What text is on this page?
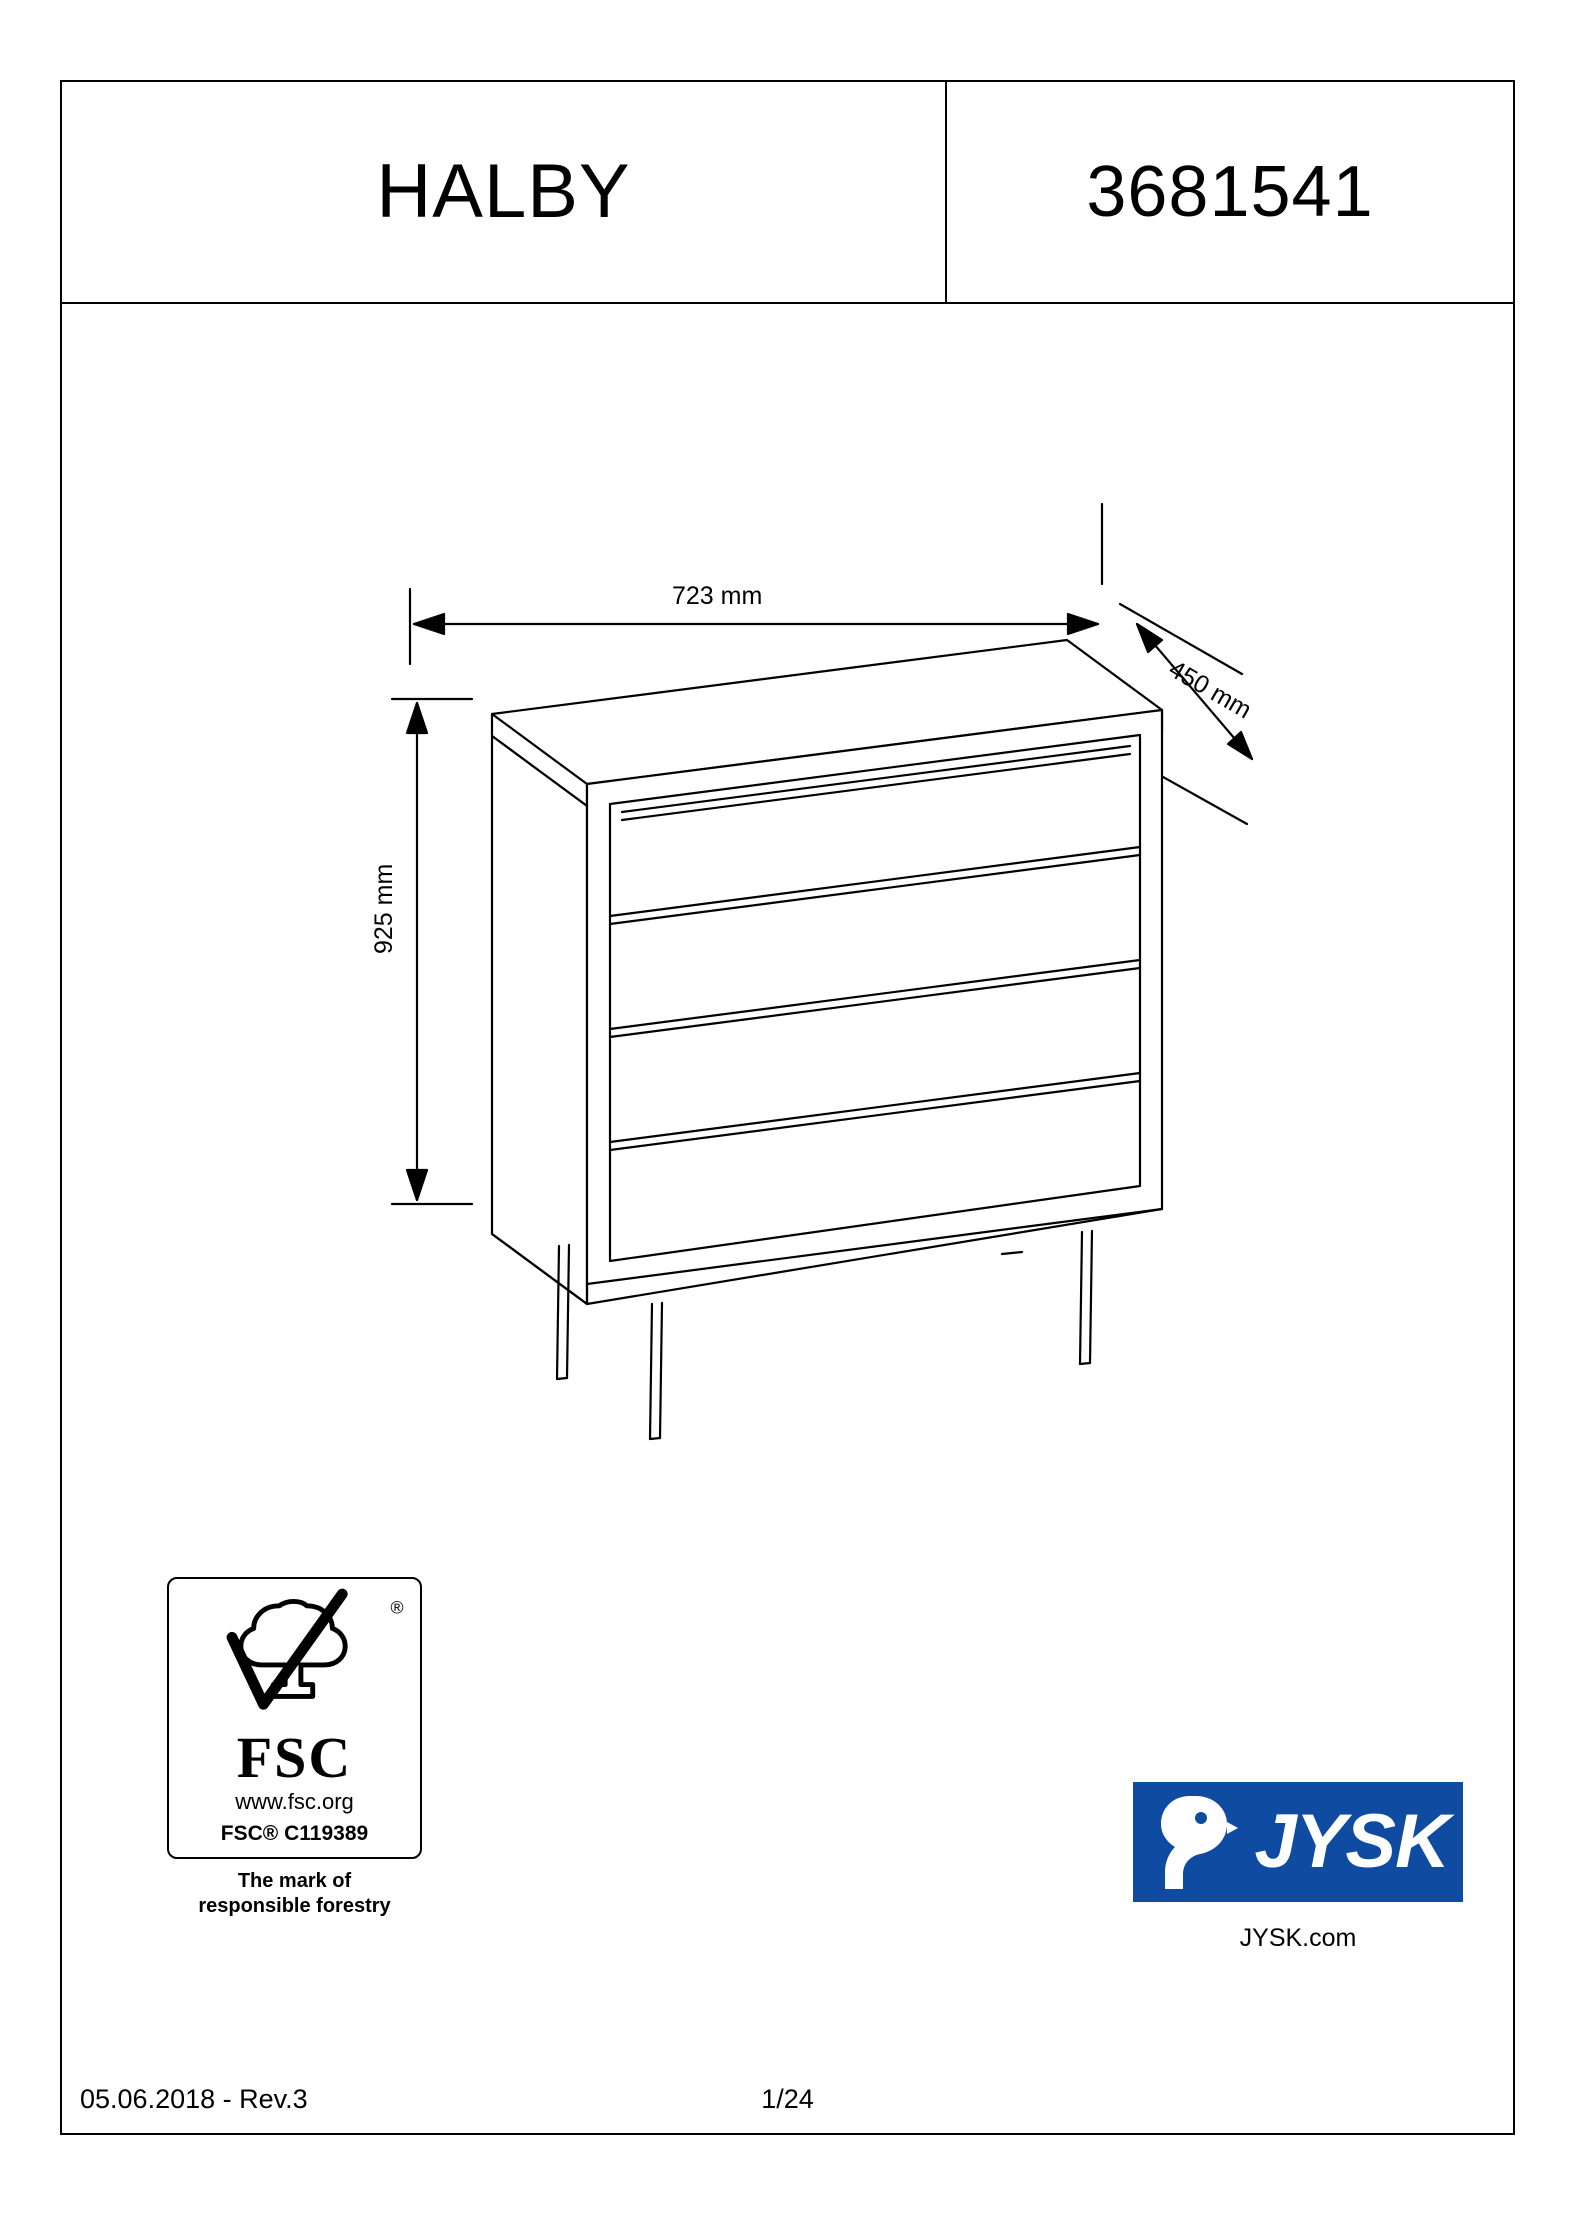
HALBY	3681541
723 mm
450 mm
925 mm
®
FSC
www.fsc.org
FSC® C119389
The mark of
responsible forestry
JYSK
JYSK.com
05.06.2018 - Rev.3	1/24
